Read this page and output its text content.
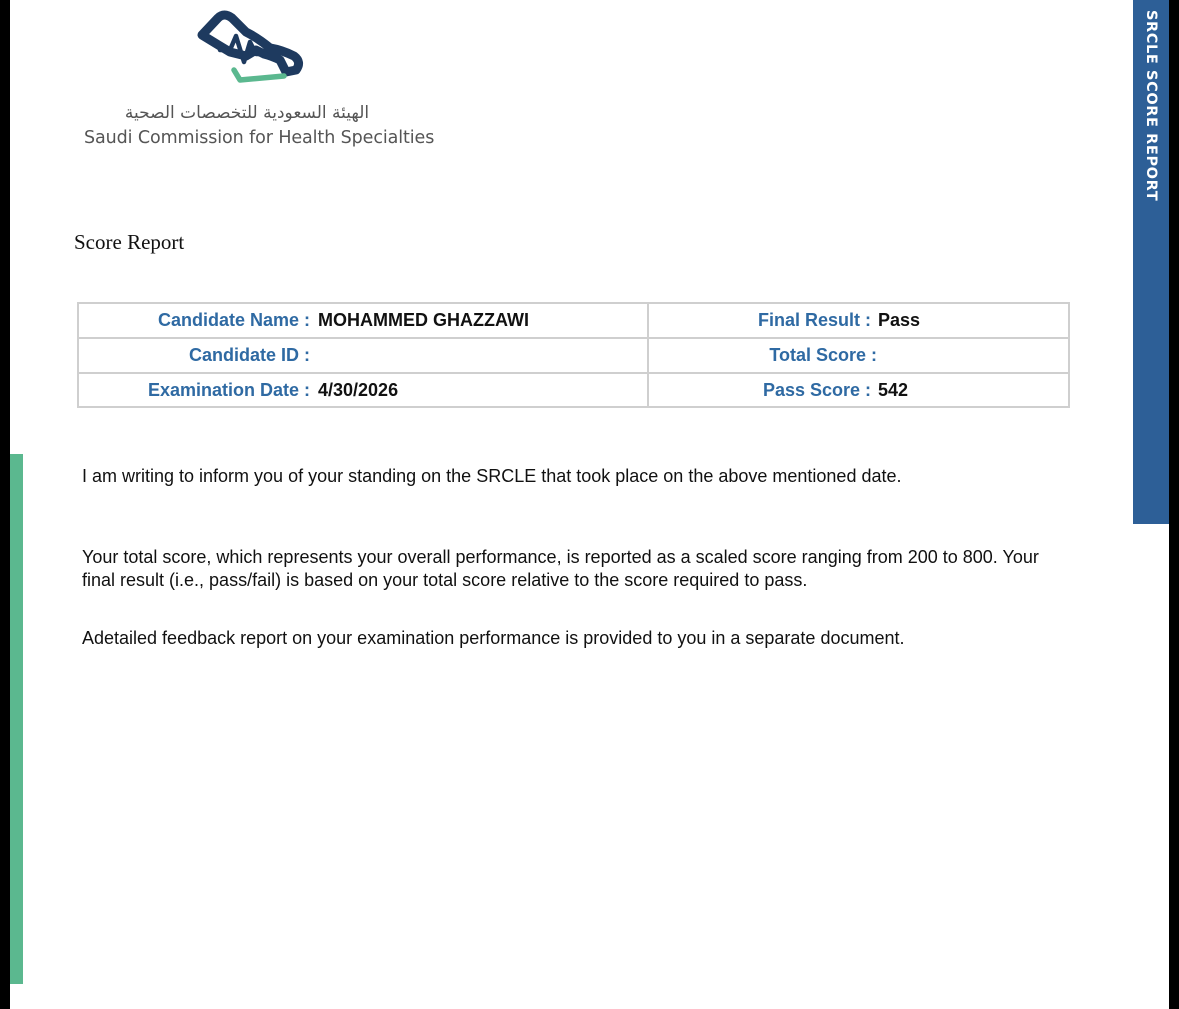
SRCLE SCORE REPORT
الهيئة السعودية للتخصصات الصحية
Saudi Commission for Health Specialties
Score Report
Candidate Name : MOHAMMED GHAZZAWI	Final Result : Pass
Candidate ID :	Total Score :
Examination Date : 4/30/2026	Pass Score : 542
I am writing to inform you of your standing on the SRCLE that took place on the above mentioned date.
Your total score, which represents your overall performance, is reported as a scaled score ranging from 200 to 800. Your final result (i.e., pass/fail) is based on your total score relative to the score required to pass.
Adetailed feedback report on your examination performance is provided to you in a separate document.
